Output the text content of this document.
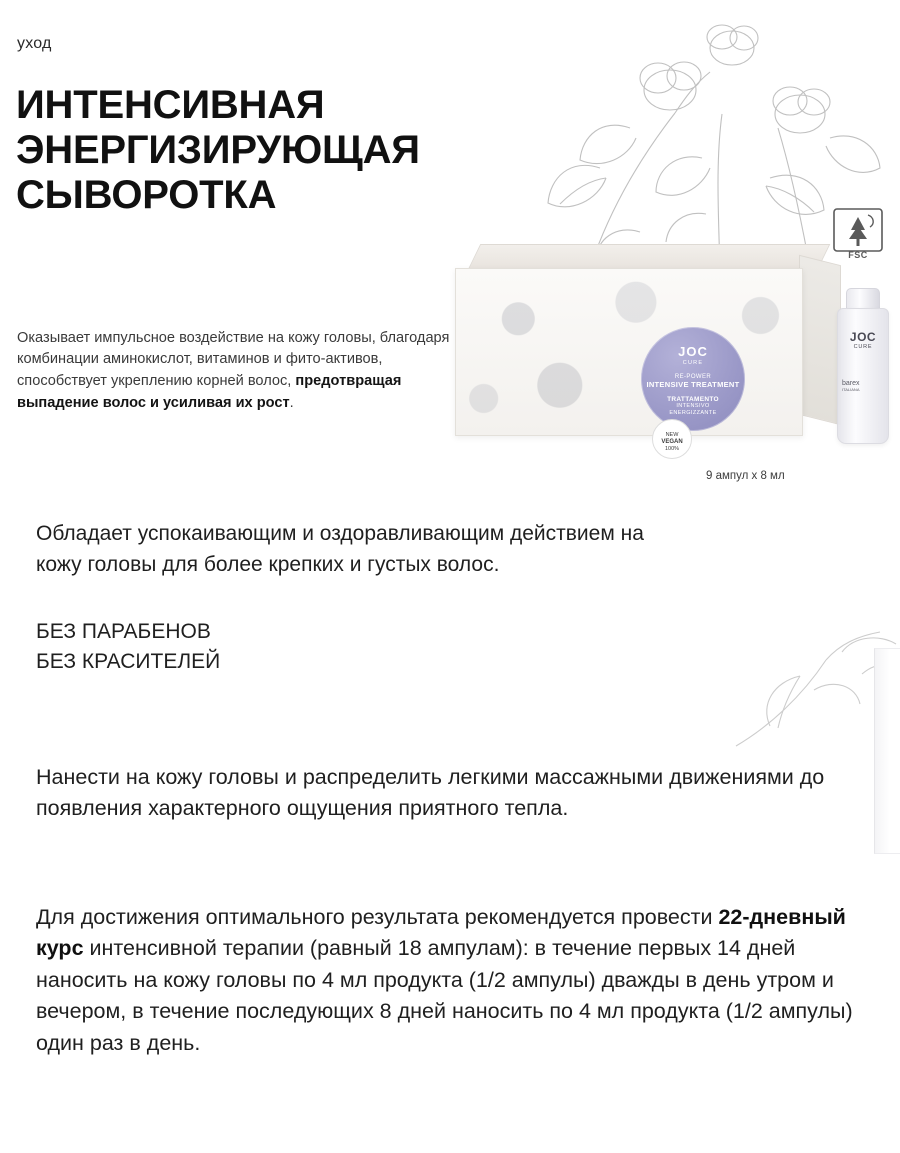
уход
ИНТЕНСИВНАЯ
ЭНЕРГИЗИРУЮЩАЯ
СЫВОРОТКА

Оказывает импульсное воздействие на кожу головы, благодаря комбинации аминокислот, витаминов и фито-активов, способствует укреплению корней волос, предотвращая выпадение волос и усиливая их рост.

FSC
JOC
CURE
RE-POWER
INTENSIVE TREATMENT
TRATTAMENTO
INTENSIVO
ENERGIZZANTE
NEW
VEGAN
100%
JOC
CURE
barex
ITALIANA
9 ампул х 8 мл

Обладает успокаивающим и оздоравливающим действием на кожу головы для более крепких и густых волос.

БЕЗ ПАРАБЕНОВ
БЕЗ КРАСИТЕЛЕЙ

Нанести на кожу головы и распределить легкими массажными движениями до появления характерного ощущения приятного тепла.

Для достижения оптимального результата рекомендуется провести 22-дневный курс интенсивной терапии (равный 18 ампулам): в течение первых 14 дней наносить на кожу головы по 4 мл продукта (1/2 ампулы) дважды в день утром и вечером, в течение последующих 8 дней наносить по 4 мл продукта (1/2 ампулы) один раз в день.
